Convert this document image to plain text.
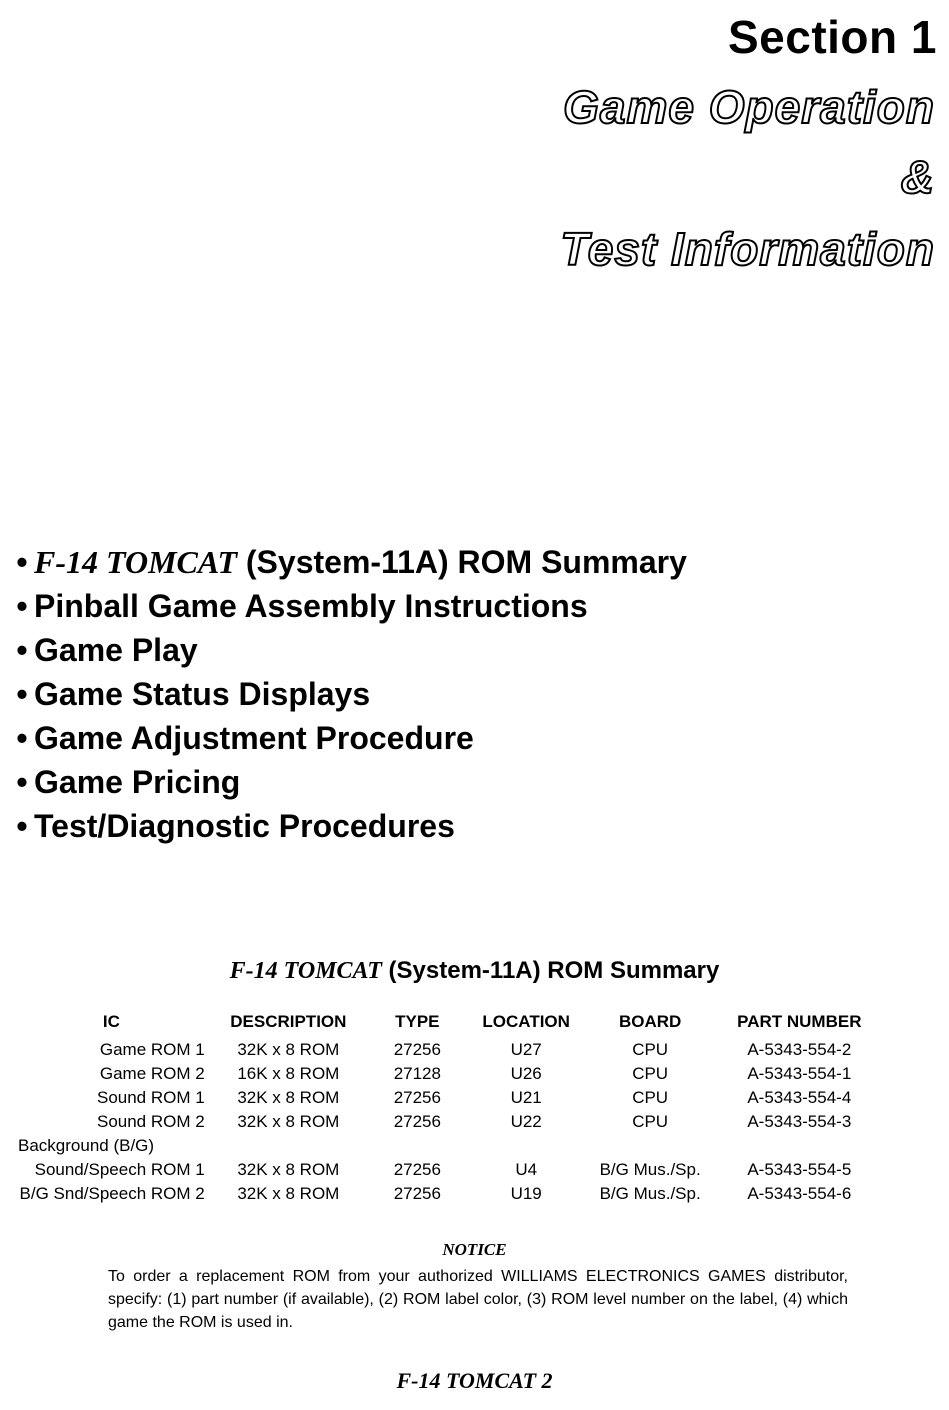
Section 1
Game Operation
&
Test Information
• F-14 TOMCAT (System-11A) ROM Summary
• Pinball Game Assembly Instructions
• Game Play
• Game Status Displays
• Game Adjustment Procedure
• Game Pricing
• Test/Diagnostic Procedures
F-14 TOMCAT (System-11A) ROM Summary
IC	DESCRIPTION	TYPE	LOCATION	BOARD	PART NUMBER
Game ROM 1	32K x 8 ROM	27256	U27	CPU	A-5343-554-2
Game ROM 2	16K x 8 ROM	27128	U26	CPU	A-5343-554-1
Sound ROM 1	32K x 8 ROM	27256	U21	CPU	A-5343-554-4
Sound ROM 2	32K x 8 ROM	27256	U22	CPU	A-5343-554-3
Background (B/G)					
Sound/Speech ROM 1	32K x 8 ROM	27256	U4	B/G Mus./Sp.	A-5343-554-5
B/G Snd/Speech ROM 2	32K x 8 ROM	27256	U19	B/G Mus./Sp.	A-5343-554-6
NOTICE

To order a replacement ROM from your authorized WILLIAMS ELECTRONICS GAMES distributor, specify: (1) part number (if available), (2) ROM label color, (3) ROM level number on the label, (4) which game the ROM is used in.

F-14 TOMCAT 2
